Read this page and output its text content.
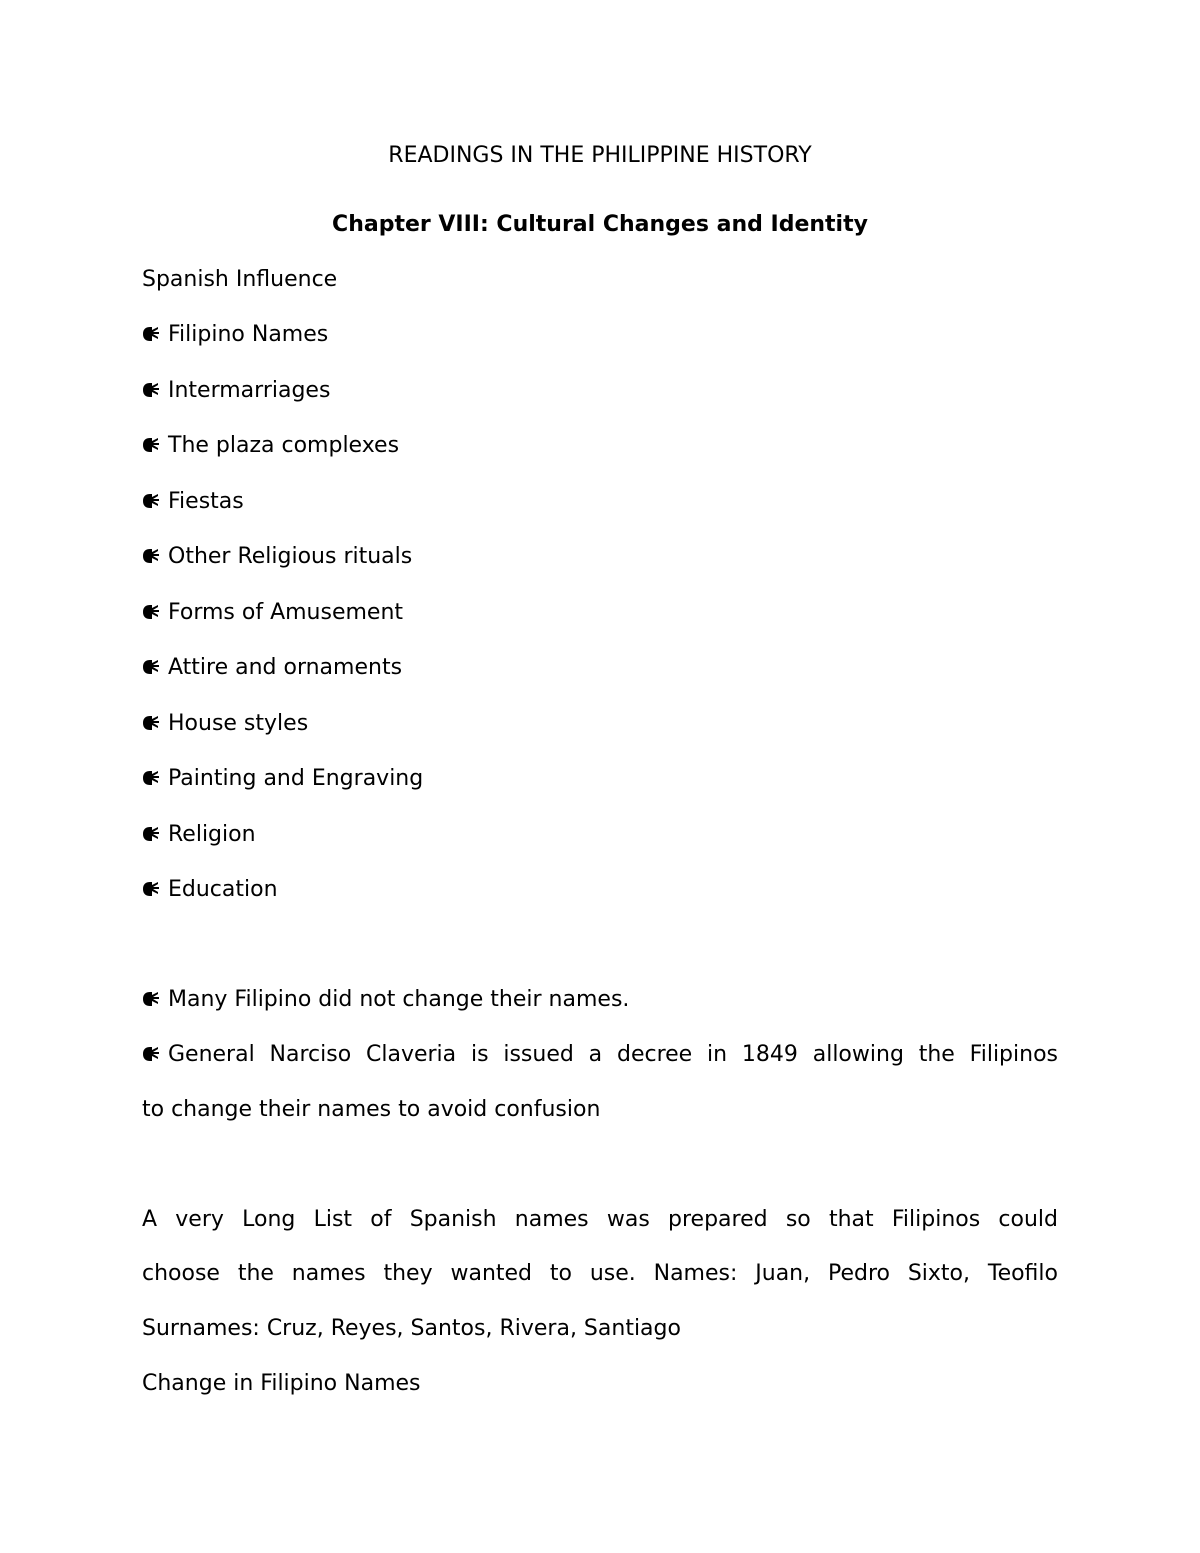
READINGS IN THE PHILIPPINE HISTORY
Chapter VIII: Cultural Changes and Identity
Spanish Influence
Filipino Names
Intermarriages
The plaza complexes
Fiestas
Other Religious rituals
Forms of Amusement
Attire and ornaments
House styles
Painting and Engraving
Religion
Education
Many Filipino did not change their names.
General Narciso Claveria is issued a decree in 1849 allowing the Filipinos
to change their names to avoid confusion
A very Long List of Spanish names was prepared so that Filipinos could
choose the names they wanted to use. Names: Juan, Pedro Sixto, Teofilo
Surnames: Cruz, Reyes, Santos, Rivera, Santiago
Change in Filipino Names
